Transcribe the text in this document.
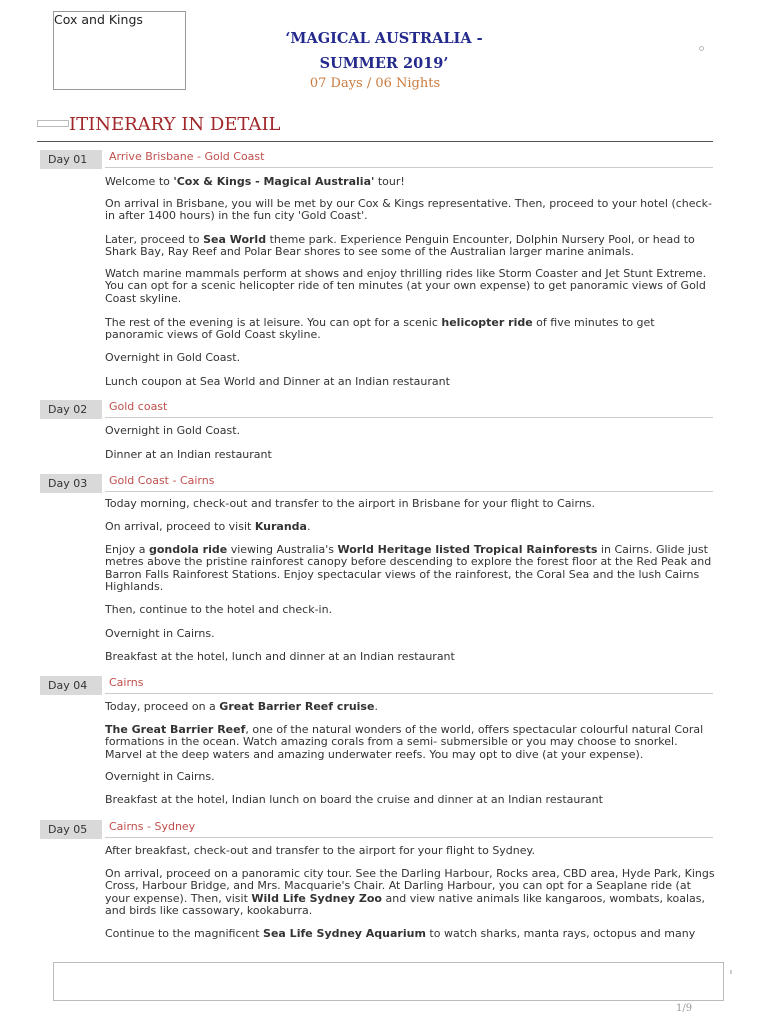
Cox and Kings
‘MAGICAL AUSTRALIA -
SUMMER 2019’
07 Days / 06 Nights
ITINERARY IN DETAIL
Day 01	Arrive Brisbane - Gold Coast
Welcome to 'Cox & Kings - Magical Australia' tour!
On arrival in Brisbane, you will be met by our Cox & Kings representative. Then, proceed to your hotel (check-in after 1400 hours) in the fun city 'Gold Coast'.
Later, proceed to Sea World theme park. Experience Penguin Encounter, Dolphin Nursery Pool, or head to Shark Bay, Ray Reef and Polar Bear shores to see some of the Australian larger marine animals.
Watch marine mammals perform at shows and enjoy thrilling rides like Storm Coaster and Jet Stunt Extreme. You can opt for a scenic helicopter ride of ten minutes (at your own expense) to get panoramic views of Gold Coast skyline.
The rest of the evening is at leisure. You can opt for a scenic helicopter ride of five minutes to get panoramic views of Gold Coast skyline.
Overnight in Gold Coast.
Lunch coupon at Sea World and Dinner at an Indian restaurant
Day 02	Gold coast
Overnight in Gold Coast.
Dinner at an Indian restaurant
Day 03	Gold Coast - Cairns
Today morning, check-out and transfer to the airport in Brisbane for your flight to Cairns.
On arrival, proceed to visit Kuranda.
Enjoy a gondola ride viewing Australia's World Heritage listed Tropical Rainforests in Cairns. Glide just metres above the pristine rainforest canopy before descending to explore the forest floor at the Red Peak and Barron Falls Rainforest Stations. Enjoy spectacular views of the rainforest, the Coral Sea and the lush Cairns Highlands.
Then, continue to the hotel and check-in.
Overnight in Cairns.
Breakfast at the hotel, lunch and dinner at an Indian restaurant
Day 04	Cairns
Today, proceed on a Great Barrier Reef cruise.
The Great Barrier Reef, one of the natural wonders of the world, offers spectacular colourful natural Coral formations in the ocean. Watch amazing corals from a semi- submersible or you may choose to snorkel. Marvel at the deep waters and amazing underwater reefs. You may opt to dive (at your expense).
Overnight in Cairns.
Breakfast at the hotel, Indian lunch on board the cruise and dinner at an Indian restaurant
Day 05	Cairns - Sydney
After breakfast, check-out and transfer to the airport for your flight to Sydney.
On arrival, proceed on a panoramic city tour. See the Darling Harbour, Rocks area, CBD area, Hyde Park, Kings Cross, Harbour Bridge, and Mrs. Macquarie's Chair. At Darling Harbour, you can opt for a Seaplane ride (at your expense). Then, visit Wild Life Sydney Zoo and view native animals like kangaroos, wombats, koalas, and birds like cassowary, kookaburra.
Continue to the magnificent Sea Life Sydney Aquarium to watch sharks, manta rays, octopus and many
1/9
